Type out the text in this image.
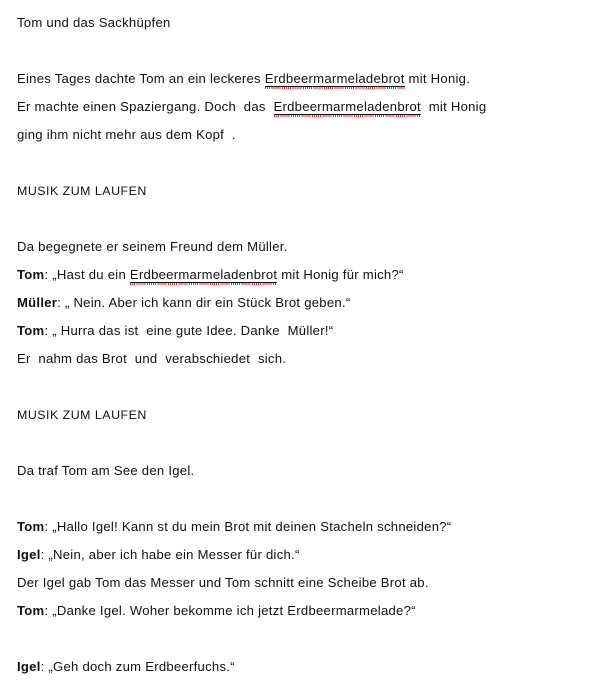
Tom und das Sackhüpfen
Eines Tages dachte Tom an ein leckeres Erdbeermarmeladebrot mit Honig.
Er machte einen Spaziergang. Doch  das  Erdbeermarmeladenbrot  mit Honig
ging ihm nicht mehr aus dem Kopf  .
MUSIK ZUM LAUFEN
Da begegnete er seinem Freund dem Müller.
Tom: „Hast du ein Erdbeermarmeladenbrot mit Honig für mich?“
Müller: „ Nein. Aber ich kann dir ein Stück Brot geben.“
Tom: „ Hurra das ist  eine gute Idee. Danke  Müller!“
Er  nahm das Brot  und  verabschiedet  sich.
MUSIK ZUM LAUFEN
Da traf Tom am See den Igel.
Tom: „Hallo Igel! Kann st du mein Brot mit deinen Stacheln schneiden?“
Igel: „Nein, aber ich habe ein Messer für dich.“
Der Igel gab Tom das Messer und Tom schnitt eine Scheibe Brot ab.
Tom: „Danke Igel. Woher bekomme ich jetzt Erdbeermarmelade?“
Igel: „Geh doch zum Erdbeerfuchs.“
